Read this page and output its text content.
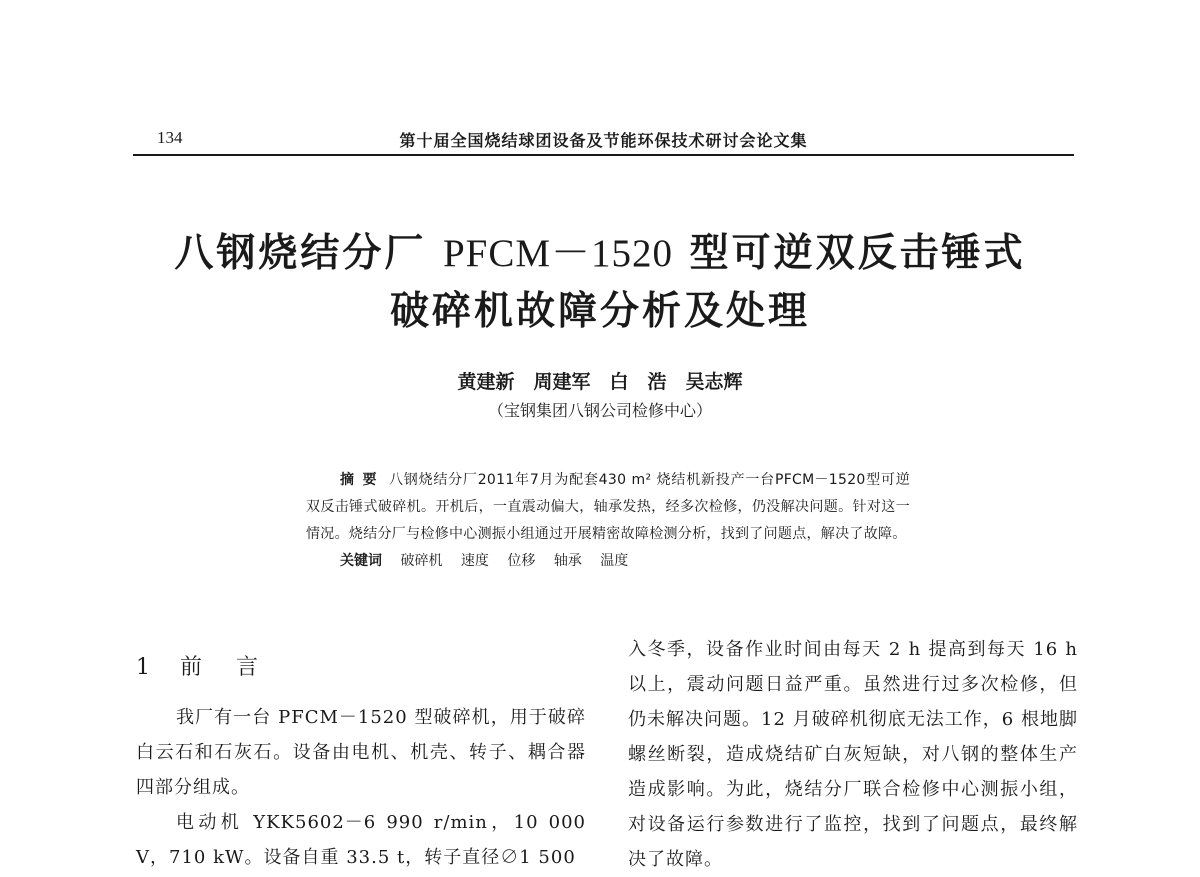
134	第十届全国烧结球团设备及节能环保技术研讨会论文集
八钢烧结分厂 PFCM－1520 型可逆双反击锤式
破碎机故障分析及处理
黄建新　周建军　白　浩　吴志辉
（宝钢集团八钢公司检修中心）

摘要 八钢烧结分厂2011年7月为配套430 m² 烧结机新投产一台PFCM－1520型可逆双反击锤式破碎机。开机后，一直震动偏大，轴承发热，经多次检修，仍没解决问题。针对这一情况。烧结分厂与检修中心测振小组通过开展精密故障检测分析，找到了问题点，解决了故障。

关键词 破碎机 速度 位移 轴承 温度
1 前言

我厂有一台 PFCM－1520 型破碎机，用于破碎白云石和石灰石。设备由电机、机壳、转子、耦合器四部分组成。

电动机 YKK5602－6 990 r/min，10 000 V，710 kW。设备自重 33.5 t，转子直径∅1 500

入冬季，设备作业时间由每天 2 h 提高到每天 16 h 以上，震动问题日益严重。虽然进行过多次检修，但仍未解决问题。12 月破碎机彻底无法工作，6 根地脚螺丝断裂，造成烧结矿白灰短缺，对八钢的整体生产造成影响。为此，烧结分厂联合检修中心测振小组，对设备运行参数进行了监控，找到了问题点，最终解决了故障。
